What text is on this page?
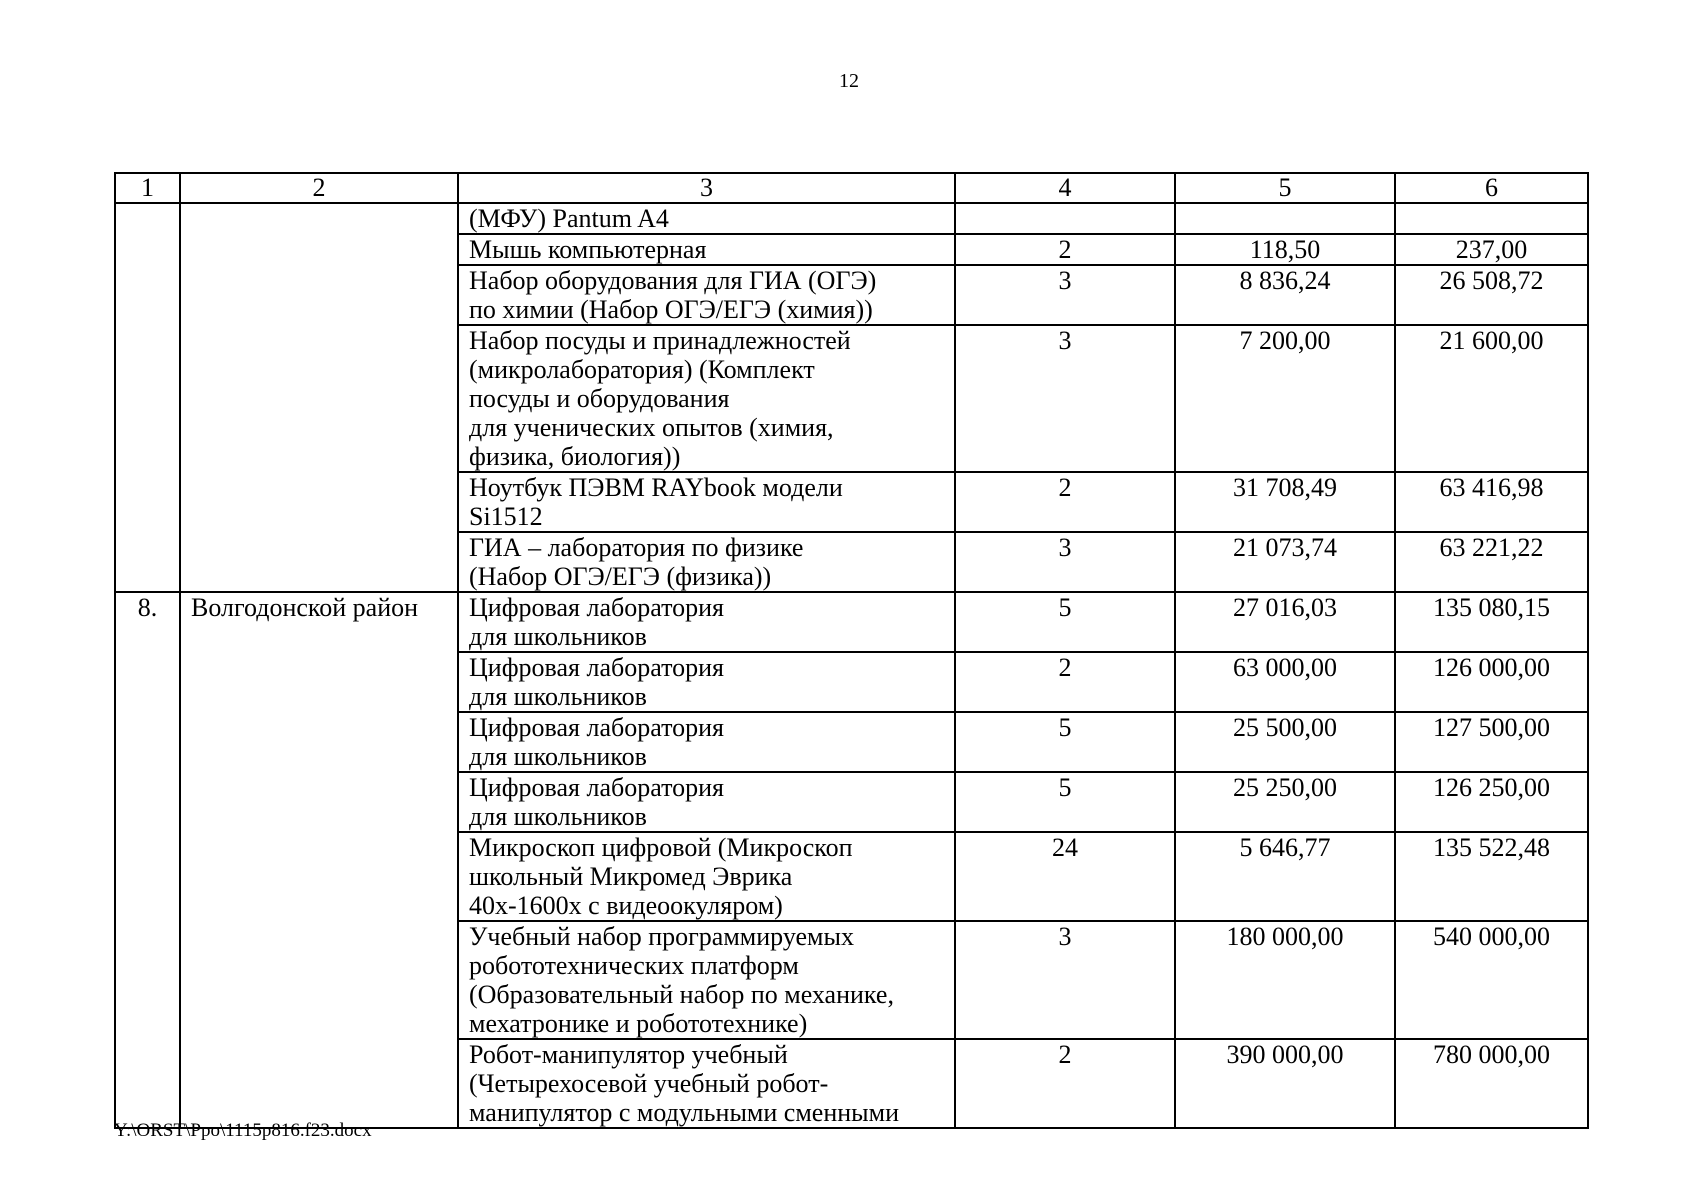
12
1	2	3	4	5	6
		(МФУ) Pantum A4			
		Мышь компьютерная	2	118,50	237,00
		Набор оборудования для ГИА (ОГЭ)
по химии (Набор ОГЭ/ЕГЭ (химия))	3	8 836,24	26 508,72
		Набор посуды и принадлежностей
(микролаборатория) (Комплект
посуды и оборудования
для ученических опытов (химия,
физика, биология))	3	7 200,00	21 600,00
		Ноутбук ПЭВМ RAYbook модели
Si1512	2	31 708,49	63 416,98
		ГИА – лаборатория по физике
(Набор ОГЭ/ЕГЭ (физика))	3	21 073,74	63 221,22
8.	Волгодонской район	Цифровая лаборатория
для школьников	5	27 016,03	135 080,15
		Цифровая лаборатория
для школьников	2	63 000,00	126 000,00
		Цифровая лаборатория
для школьников	5	25 500,00	127 500,00
		Цифровая лаборатория
для школьников	5	25 250,00	126 250,00
		Микроскоп цифровой (Микроскоп
школьный Микромед Эврика
40х-1600х с видеоокуляром)	24	5 646,77	135 522,48
		Учебный набор программируемых
робототехнических платформ
(Образовательный набор по механике,
мехатронике и робототехнике)	3	180 000,00	540 000,00
		Робот-манипулятор учебный
(Четырехосевой учебный робот-
манипулятор с модульными сменными	2	390 000,00	780 000,00
Y:\ORST\Ppo\1115p816.f23.docx
